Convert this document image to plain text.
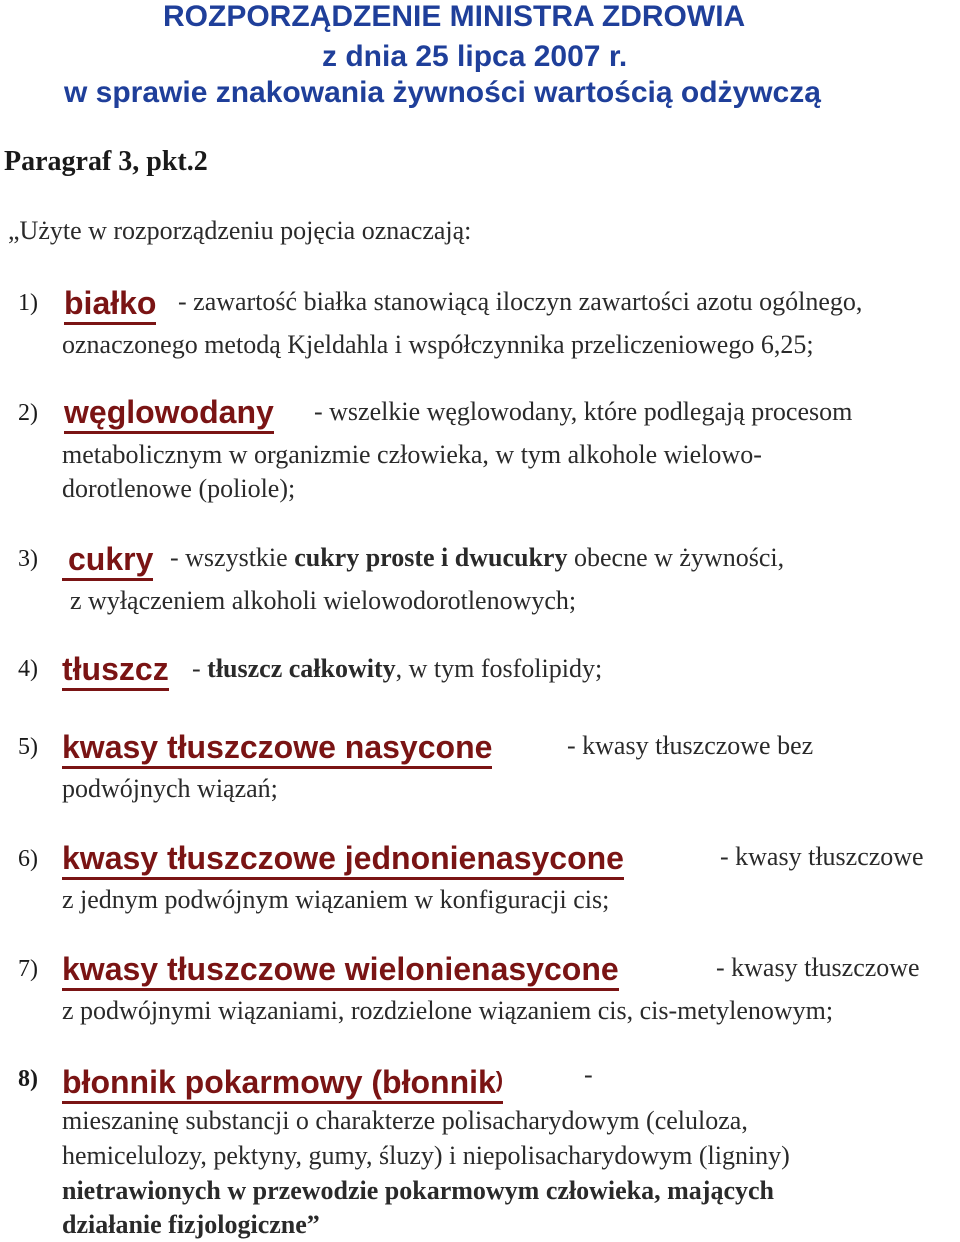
ROZPORZĄDZENIE MINISTRA ZDROWIA
z dnia 25 lipca 2007 r.
w sprawie znakowania żywności wartością odżywczą
Paragraf 3, pkt.2
„Użyte w rozporządzeniu pojęcia oznaczają:
1) białko - zawartość białka stanowiącą iloczyn zawartości azotu ogólnego,
oznaczonego metodą Kjeldahla i współczynnika przeliczeniowego 6,25;
2) węglowodany - wszelkie węglowodany, które podlegają procesom
metabolicznym w organizmie człowieka, w tym alkohole wielowo-
dorotlenowe (poliole);
3) cukry - wszystkie cukry proste i dwucukry obecne w żywności,
z wyłączeniem alkoholi wielowodorotlenowych;
4) tłuszcz - tłuszcz całkowity, w tym fosfolipidy;
5) kwasy tłuszczowe nasycone	- kwasy tłuszczowe bez
podwójnych wiązań;
6) kwasy tłuszczowe jednonienasycone	- kwasy tłuszczowe
z jednym podwójnym wiązaniem w konfiguracji cis;
7) kwasy tłuszczowe wielonienasycone	- kwasy tłuszczowe
z podwójnymi wiązaniami, rozdzielone wiązaniem cis, cis-metylenowym;
8) błonnik pokarmowy (błonnik)	-
mieszaninę substancji o charakterze polisacharydowym (celuloza,
hemicelulozy, pektyny, gumy, śluzy) i niepolisacharydowym (ligniny)
nietrawionych w przewodzie pokarmowym człowieka, mających
działanie fizjologiczne”
